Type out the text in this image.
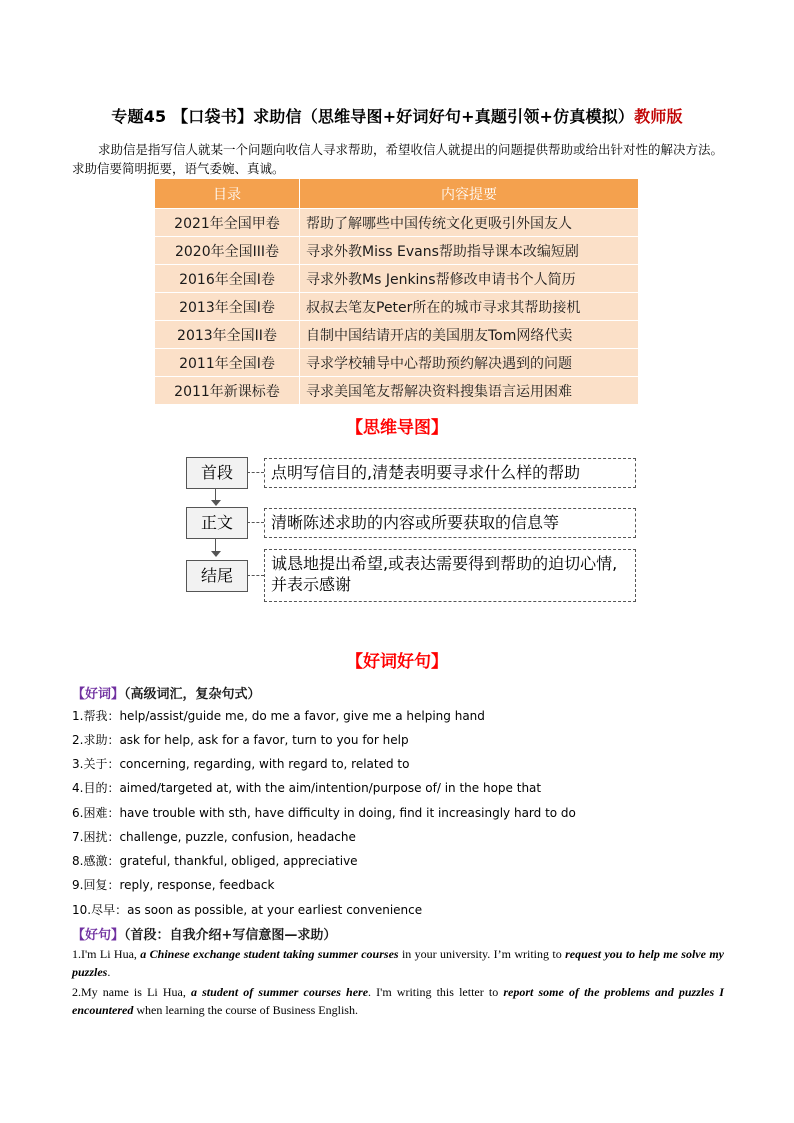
专题45 【口袋书】求助信（思维导图+好词好句+真题引领+仿真模拟）教师版

求助信是指写信人就某一个问题向收信人寻求帮助，希望收信人就提出的问题提供帮助或给出针对性的解决方法。求助信要简明扼要，语气委婉、真诚。

目录	内容提要
2021年全国甲卷	帮助了解哪些中国传统文化更吸引外国友人
2020年全国III卷	寻求外教Miss Evans帮助指导课本改编短剧
2016年全国I卷	寻求外教Ms Jenkins帮修改申请书个人简历
2013年全国I卷	叔叔去笔友Peter所在的城市寻求其帮助接机
2013年全国II卷	自制中国结请开店的美国朋友Tom网络代卖
2011年全国I卷	寻求学校辅导中心帮助预约解决遇到的问题
2011年新课标卷	寻求美国笔友帮解决资料搜集语言运用困难
【思维导图】
首段	点明写信目的,清楚表明要寻求什么样的帮助
正文	清晰陈述求助的内容或所要获取的信息等
结尾
诚恳地提出希望,或表达需要得到帮助的迫切心情,并表示感谢
【好词好句】
【好词】（高级词汇，复杂句式）
1.帮我：help/assist/guide me, do me a favor, give me a helping hand
2.求助：ask for help, ask for a favor, turn to you for help
3.关于：concerning, regarding, with regard to, related to
4.目的：aimed/targeted at, with the aim/intention/purpose of/ in the hope that
6.困难：have trouble with sth, have difficulty in doing, find it increasingly hard to do
7.困扰：challenge, puzzle, confusion, headache
8.感激：grateful, thankful, obliged, appreciative
9.回复：reply, response, feedback
10.尽早：as soon as possible, at your earliest convenience
【好句】（首段：自我介绍+写信意图—求助）
1.I'm Li Hua, a Chinese exchange student taking summer courses in your university. I’m writing to request you to help me solve my puzzles.
2.My name is Li Hua, a student of summer courses here. I'm writing this letter to report some of the problems and puzzles I encountered when learning the course of Business English.
